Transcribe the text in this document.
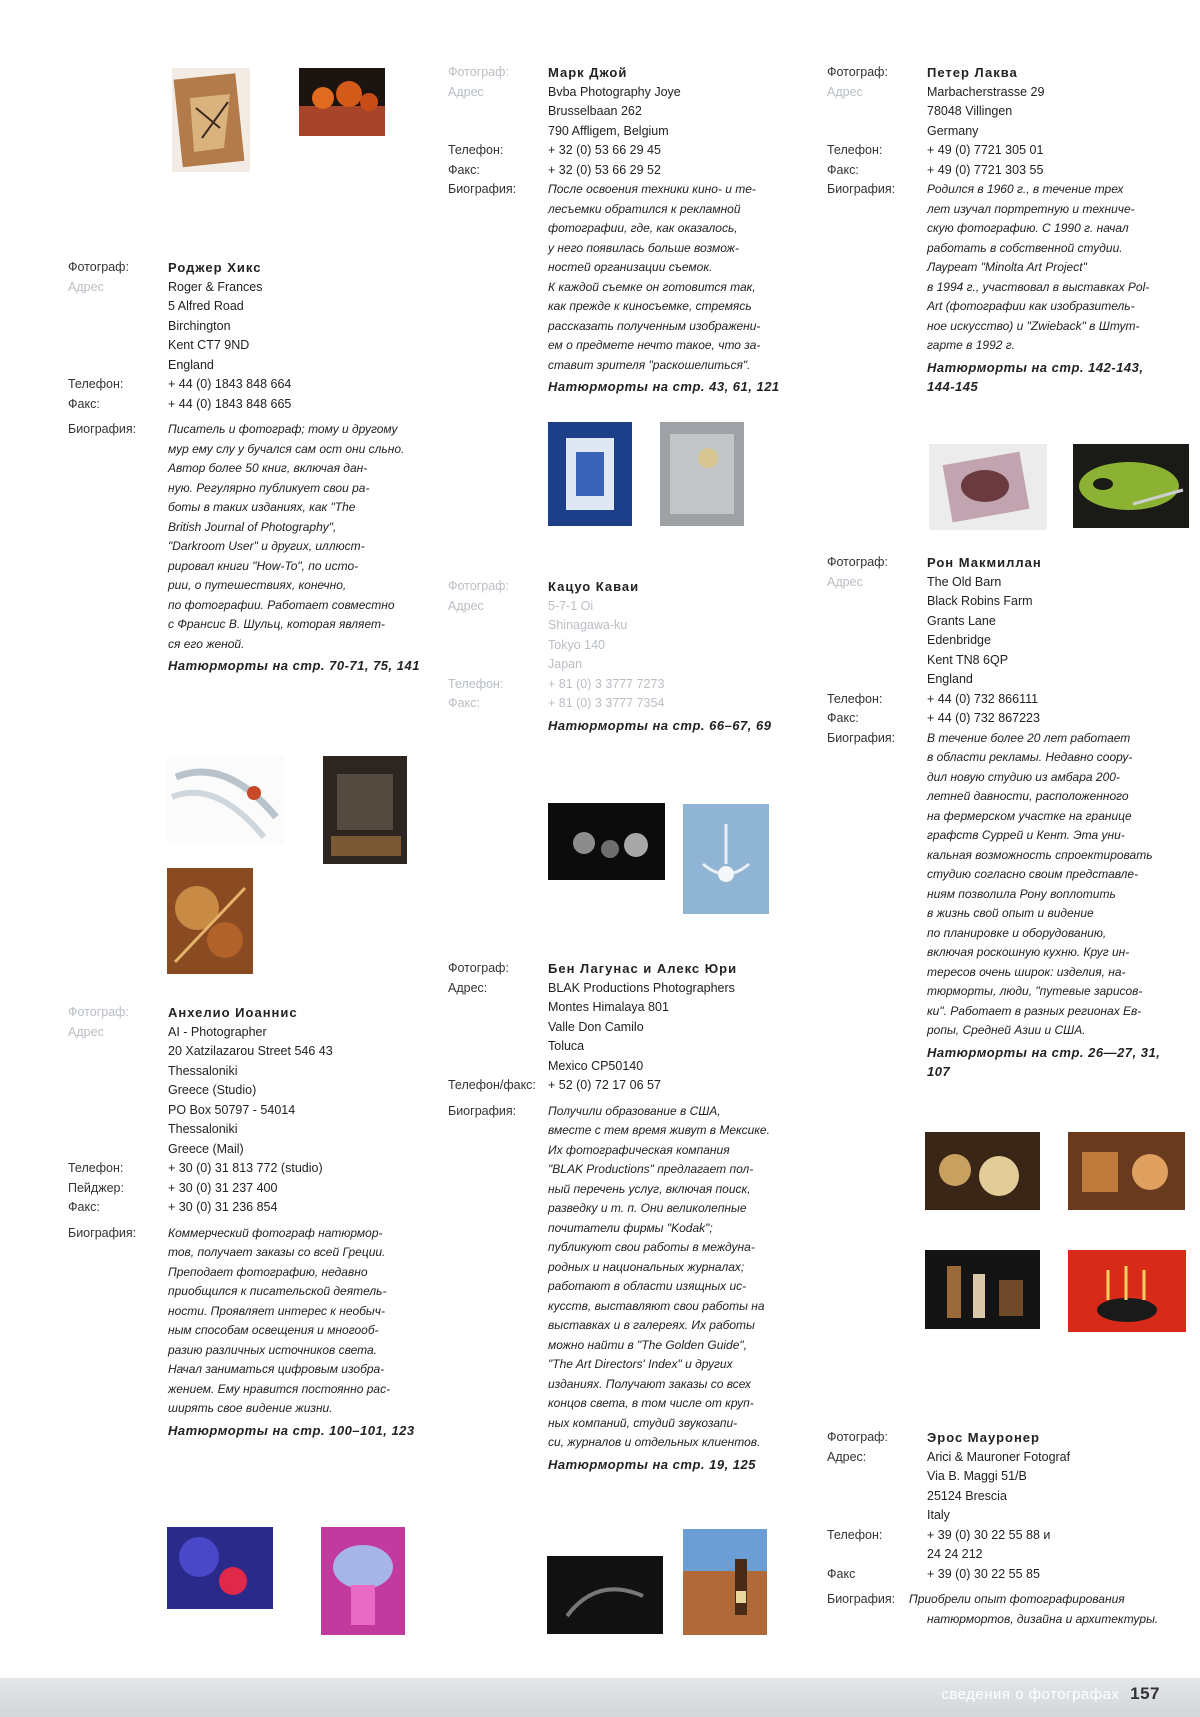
Фотограф:	Роджер Хикс
Адрес	Roger & Frances
5 Alfred Road
Birchington
Kent CT7 9ND
England
Телефон:	+ 44 (0) 1843 848 664
Факс:	+ 44 (0) 1843 848 665
Биография:	Писатель и фотограф; тому и другому
мур ему слу у бучался сам ост они сльно.
Автор более 50 книг, включая дан-
ную. Регулярно публикует свои ра-
боты в таких изданиях, как "The
British Journal of Photography",
"Darkroom User" и других, иллюст-
рировал книги "How-To", по исто-
рии, о путешествиях, конечно,
по фотографии. Работает совместно
с Франсис В. Шульц, которая являет-
ся его женой.
Натюрморты на стр. 70-71, 75, 141
Фотограф:	Анхелио Иоаннис
Адрес	AI - Photographer
20 Xatzilazarou Street 546 43
Thessaloniki
Greece (Studio)
PO Box 50797 - 54014
Thessaloniki
Greece (Mail)
Телефон:	+ 30 (0) 31 813 772 (studio)
Пейджер:	+ 30 (0) 31 237 400
Факс:	+ 30 (0) 31 236 854
Биография:	Коммерческий фотограф натюрмор-
тов, получает заказы со всей Греции.
Преподает фотографию, недавно
приобщился к писательской деятель-
ности. Проявляет интерес к необыч-
ным способам освещения и многооб-
разию различных источников света.
Начал заниматься цифровым изобра-
жением. Ему нравится постоянно рас-
ширять свое видение жизни.
Натюрморты на стр. 100–101, 123
Фотограф:	Марк Джой
Адрес	Bvba Photography Joye
Brusselbaan 262
790 Affligem, Belgium
Телефон:	+ 32 (0) 53 66 29 45
Факс:	+ 32 (0) 53 66 29 52
Биография:	После освоения техники кино- и те-
лесъемки обратился к рекламной
фотографии, где, как оказалось,
у него появилась больше возмож-
ностей организации съемок.
К каждой съемке он готовится так,
как прежде к киносъемке, стремясь
рассказать полученным изображени-
ем о предмете нечто такое, что за-
ставит зрителя "раскошелиться".
Натюрморты на стр. 43, 61, 121
Фотограф:	Кацуо Каваи
Адрес	5-7-1 Oi
Shinagawa-ku
Tokyo 140
Japan
Телефон:	+ 81 (0) 3 3777 7273
Факс:	+ 81 (0) 3 3777 7354
Натюрморты на стр. 66–67, 69
Фотограф:	Бен Лагунас и Алекс Юри
Адрес:	BLAK Productions Photographers
Montes Himalaya 801
Valle Don Camilo
Toluca
Mexico CP50140
Телефон/факс: + 52 (0) 72 17 06 57
Биография:	Получили образование в США,
вместе с тем время живут в Мексике.
Их фотографическая компания
"BLAK Productions" предлагает пол-
ный перечень услуг, включая поиск,
разведку и т. п. Они великолепные
почитатели фирмы "Kodak";
публикуют свои работы в междуна-
родных и национальных журналах;
работают в области изящных ис-
кусств, выставляют свои работы на
выставках и в галереях. Их работы
можно найти в "The Golden Guide",
"The Art Directors' Index" и других
изданиях. Получают заказы со всех
концов света, в том числе от круп-
ных компаний, студий звукозапи-
си, журналов и отдельных клиентов.
Натюрморты на стр. 19, 125
Фотограф:	Петер Лаква
Адрес	Marbacherstrasse 29
78048 Villingen
Germany
Телефон:	+ 49 (0) 7721 305 01
Факс:	+ 49 (0) 7721 303 55
Биография:	Родился в 1960 г., в течение трех
лет изучал портретную и техниче-
скую фотографию. С 1990 г. начал
работать в собственной студии.
Лауреат "Minolta Art Project"
в 1994 г., участвовал в выставках Pol-
Art (фотографии как изобразитель-
ное искусство) и "Zwieback" в Штут-
гарте в 1992 г.
Натюрморты на стр. 142-143, 144-145
Фотограф:	Рон Макмиллан
Адрес	The Old Barn
Black Robins Farm
Grants Lane
Edenbridge
Kent TN8 6QP
England
Телефон:	+ 44 (0) 732 866111
Факс:	+ 44 (0) 732 867223
Биография:	В течение более 20 лет работает
в области рекламы. Недавно соору-
дил новую студию из амбара 200-
летней давности, расположенного
на фермерском участке на границе
графств Суррей и Кент. Эта уни-
кальная возможность спроектировать
студию согласно своим представле-
ниям позволила Рону воплотить
в жизнь свой опыт и видение
по планировке и оборудованию,
включая роскошную кухню. Круг ин-
тересов очень широк: изделия, на-
тюрморты, люди, "путевые зарисов-
ки". Работает в разных регионах Ев-
ропы, Средней Азии и США.
Натюрморты на стр. 26—27, 31, 107
Фотограф:	Эрос Мауронер
Адрес:	Arici & Mauroner Fotograf
Via B. Maggi 51/B
25124 Brescia
Italy
Телефон:	+ 39 (0) 30 22 55 88 и
24 24 212
Факс	+ 39 (0) 30 22 55 85
Биография:	Приобрели опыт фотографирования
натюрмортов, дизайна и архитектуры.
сведения о фотографах 157
